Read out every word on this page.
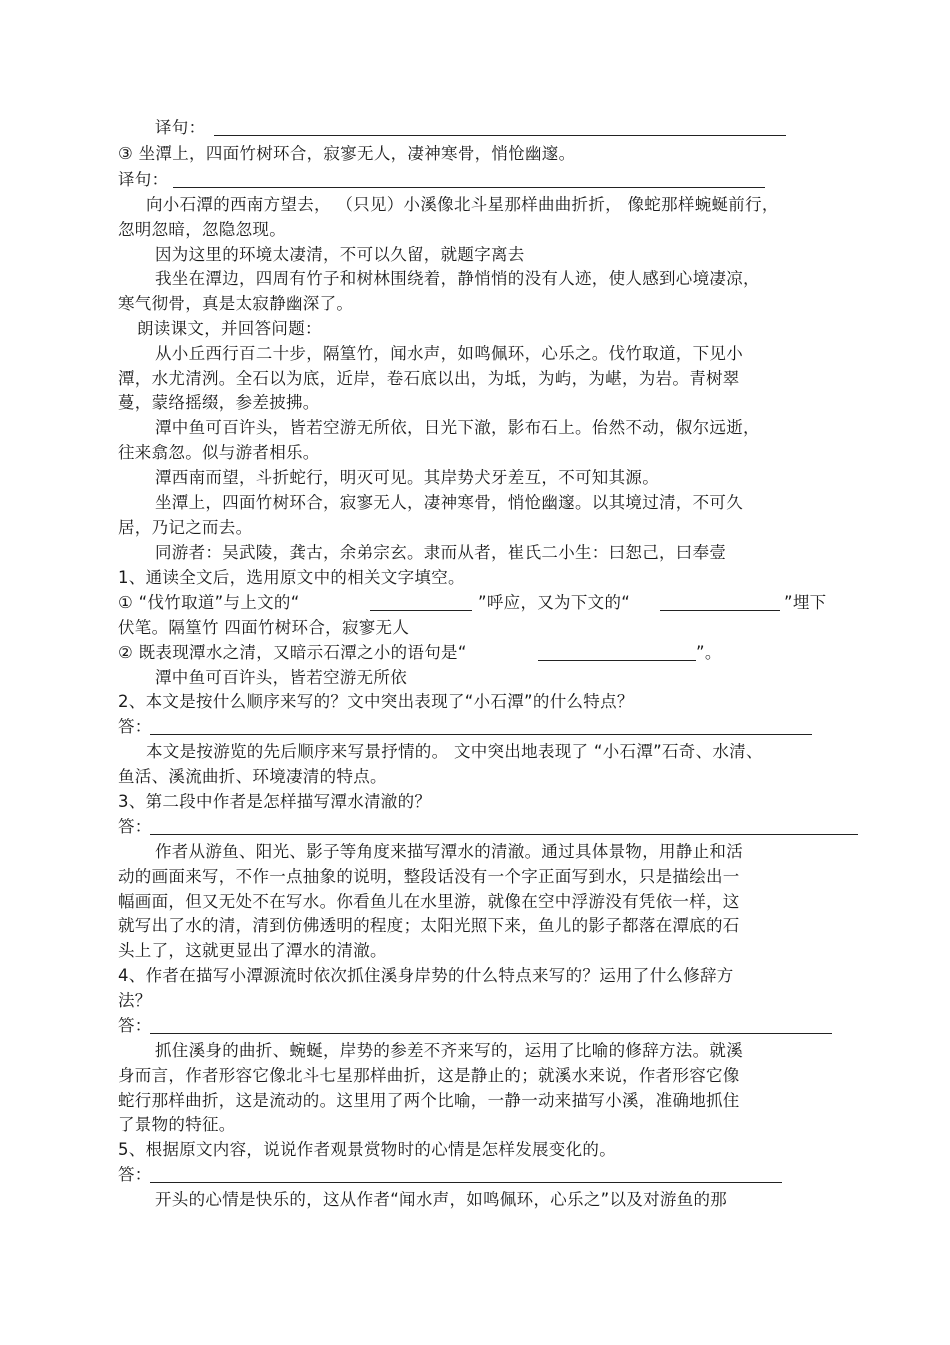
译句：
③ 坐潭上，四面竹树环合，寂寥无人，凄神寒骨，悄怆幽邃。
译句：
向小石潭的西南方望去， （只见）小溪像北斗星那样曲曲折折， 像蛇那样蜿蜒前行，
忽明忽暗，忽隐忽现。
因为这里的环境太凄清，不可以久留，就题字离去
我坐在潭边，四周有竹子和树林围绕着，静悄悄的没有人迹，使人感到心境凄凉，
寒气彻骨，真是太寂静幽深了。
朗读课文，并回答问题：
从小丘西行百二十步，隔篁竹，闻水声，如鸣佩环，心乐之。伐竹取道，下见小
潭，水尤清洌。全石以为底，近岸，卷石底以出，为坻，为屿，为嵁，为岩。青树翠
蔓，蒙络摇缀，参差披拂。
潭中鱼可百许头，皆若空游无所依，日光下澈，影布石上。佁然不动，俶尔远逝，
往来翕忽。似与游者相乐。
潭西南而望，斗折蛇行，明灭可见。其岸势犬牙差互，不可知其源。
坐潭上，四面竹树环合，寂寥无人，凄神寒骨，悄怆幽邃。以其境过清，不可久
居，乃记之而去。
同游者：吴武陵，龚古，余弟宗玄。隶而从者，崔氏二小生：曰恕己，曰奉壹
1、通读全文后，选用原文中的相关文字填空。
① “伐竹取道”与上文的“	”呼应，又为下文的“	”埋下
伏笔。隔篁竹 四面竹树环合，寂寥无人
② 既表现潭水之清，又暗示石潭之小的语句是“	”。
潭中鱼可百许头，皆若空游无所依
2、本文是按什么顺序来写的？文中突出表现了“小石潭”的什么特点？
答：
本文是按游览的先后顺序来写景抒情的。 文中突出地表现了 “小石潭”石奇、水清、
鱼活、溪流曲折、环境凄清的特点。
3、第二段中作者是怎样描写潭水清澈的？
答：
作者从游鱼、阳光、影子等角度来描写潭水的清澈。通过具体景物，用静止和活
动的画面来写，不作一点抽象的说明，整段话没有一个字正面写到水，只是描绘出一
幅画面，但又无处不在写水。你看鱼儿在水里游，就像在空中浮游没有凭依一样，这
就写出了水的清，清到仿佛透明的程度；太阳光照下来，鱼儿的影子都落在潭底的石
头上了，这就更显出了潭水的清澈。
4、作者在描写小潭源流时依次抓住溪身岸势的什么特点来写的？运用了什么修辞方
法？
答：
抓住溪身的曲折、蜿蜒，岸势的参差不齐来写的，运用了比喻的修辞方法。就溪
身而言，作者形容它像北斗七星那样曲折，这是静止的；就溪水来说，作者形容它像
蛇行那样曲折，这是流动的。这里用了两个比喻，一静一动来描写小溪，准确地抓住
了景物的特征。
5、根据原文内容，说说作者观景赏物时的心情是怎样发展变化的。
答：
开头的心情是快乐的，这从作者“闻水声，如鸣佩环，心乐之”以及对游鱼的那
